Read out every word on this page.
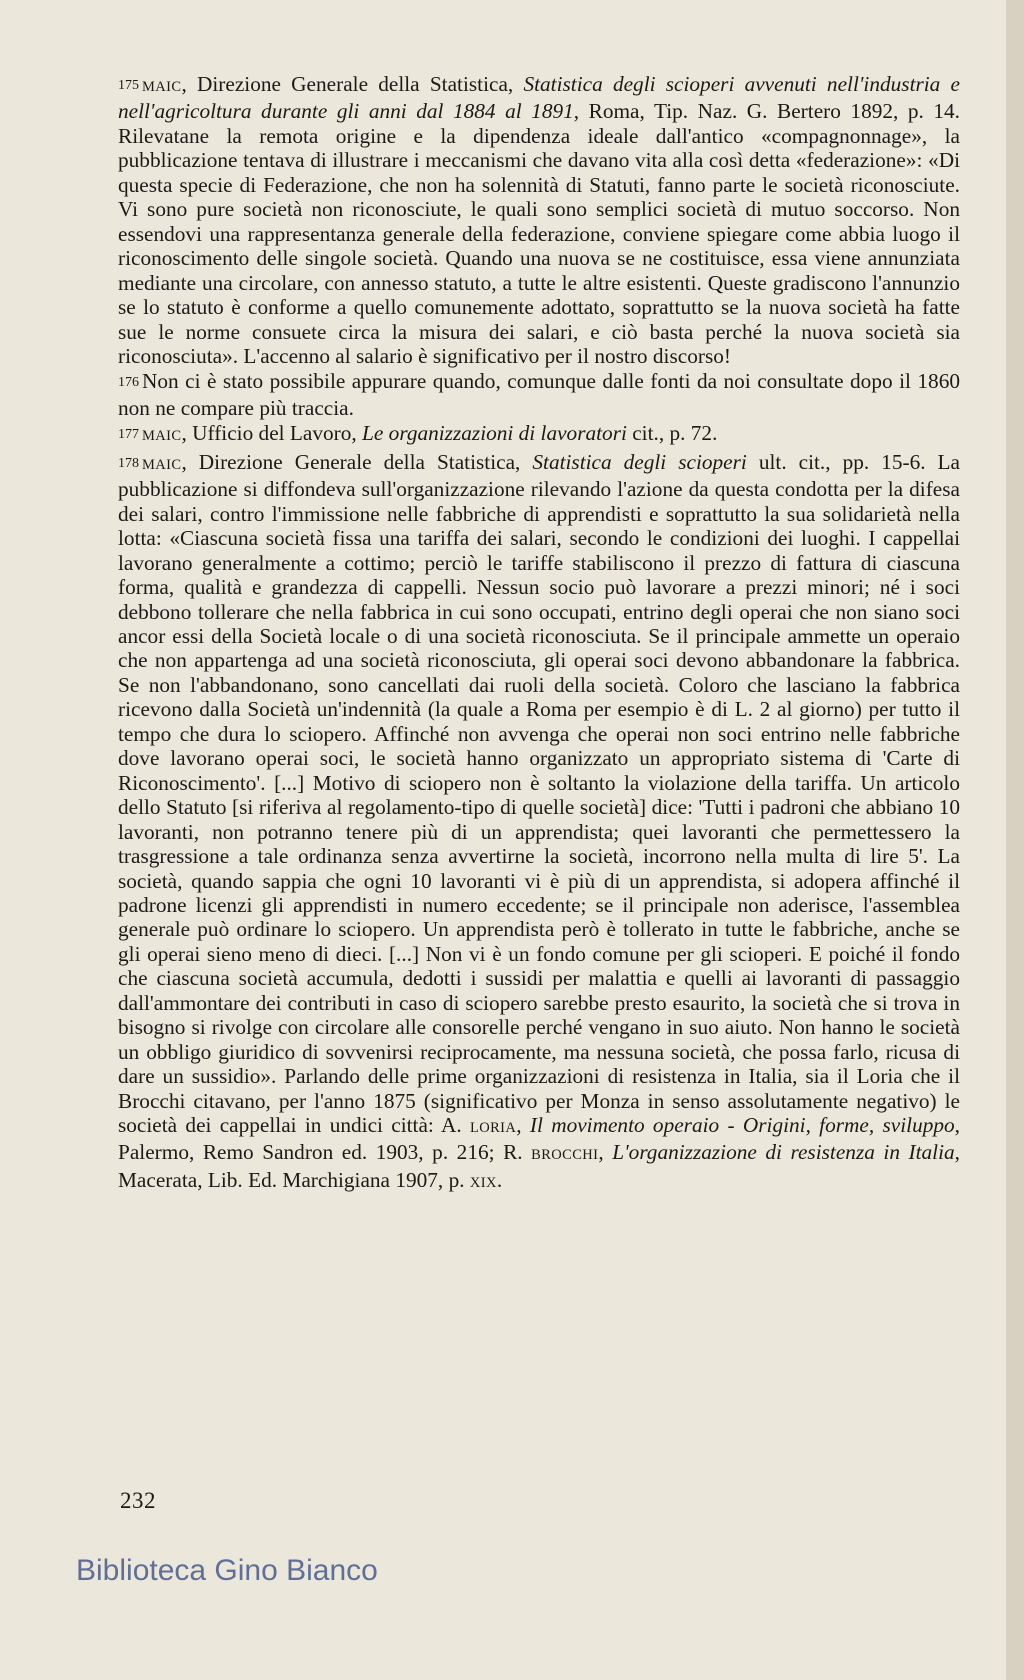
175 MAIC, Direzione Generale della Statistica, Statistica degli scioperi avvenuti nell'industria e nell'agricoltura durante gli anni dal 1884 al 1891, Roma, Tip. Naz. G. Bertero 1892, p. 14. Rilevatane la remota origine e la dipendenza ideale dall'antico «compagnonnage», la pubblicazione tentava di illustrare i meccanismi che davano vita alla così detta «federazione»: «Di questa specie di Federazione, che non ha solennità di Statuti, fanno parte le società riconosciute. Vi sono pure società non riconosciute, le quali sono semplici società di mutuo soccorso. Non essendovi una rappresentanza generale della federazione, conviene spiegare come abbia luogo il riconoscimento delle singole società. Quando una nuova se ne costituisce, essa viene annunziata mediante una circolare, con annesso statuto, a tutte le altre esistenti. Queste gradiscono l'annunzio se lo statuto è conforme a quello comunemente adottato, soprattutto se la nuova società ha fatte sue le norme consuete circa la misura dei salari, e ciò basta perché la nuova società sia riconosciuta». L'accenno al salario è significativo per il nostro discorso!

176 Non ci è stato possibile appurare quando, comunque dalle fonti da noi consultate dopo il 1860 non ne compare più traccia.

177 MAIC, Ufficio del Lavoro, Le organizzazioni di lavoratori cit., p. 72.

178 MAIC, Direzione Generale della Statistica, Statistica degli scioperi ult. cit., pp. 15-6. La pubblicazione si diffondeva sull'organizzazione rilevando l'azione da questa condotta per la difesa dei salari, contro l'immissione nelle fabbriche di apprendisti e soprattutto la sua solidarietà nella lotta: «Ciascuna società fissa una tariffa dei salari, secondo le condizioni dei luoghi. I cappellai lavorano generalmente a cottimo; perciò le tariffe stabiliscono il prezzo di fattura di ciascuna forma, qualità e grandezza di cappelli. Nessun socio può lavorare a prezzi minori; né i soci debbono tollerare che nella fabbrica in cui sono occupati, entrino degli operai che non siano soci ancor essi della Società locale o di una società riconosciuta. Se il principale ammette un operaio che non appartenga ad una società riconosciuta, gli operai soci devono abbandonare la fabbrica. Se non l'abbandonano, sono cancellati dai ruoli della società. Coloro che lasciano la fabbrica ricevono dalla Società un'indennità (la quale a Roma per esempio è di L. 2 al giorno) per tutto il tempo che dura lo sciopero. Affinché non avvenga che operai non soci entrino nelle fabbriche dove lavorano operai soci, le società hanno organizzato un appropriato sistema di 'Carte di Riconoscimento'. [...] Motivo di sciopero non è soltanto la violazione della tariffa. Un articolo dello Statuto [si riferiva al regolamento-tipo di quelle società] dice: 'Tutti i padroni che abbiano 10 lavoranti, non potranno tenere più di un apprendista; quei lavoranti che permettessero la trasgressione a tale ordinanza senza avvertirne la società, incorrono nella multa di lire 5'. La società, quando sappia che ogni 10 lavoranti vi è più di un apprendista, si adopera affinché il padrone licenzi gli apprendisti in numero eccedente; se il principale non aderisce, l'assemblea generale può ordinare lo sciopero. Un apprendista però è tollerato in tutte le fabbriche, anche se gli operai sieno meno di dieci. [...] Non vi è un fondo comune per gli scioperi. E poiché il fondo che ciascuna società accumula, dedotti i sussidi per malattia e quelli ai lavoranti di passaggio dall'ammontare dei contributi in caso di sciopero sarebbe presto esaurito, la società che si trova in bisogno si rivolge con circolare alle consorelle perché vengano in suo aiuto. Non hanno le società un obbligo giuridico di sovvenirsi reciprocamente, ma nessuna società, che possa farlo, ricusa di dare un sussidio». Parlando delle prime organizzazioni di resistenza in Italia, sia il Loria che il Brocchi citavano, per l'anno 1875 (significativo per Monza in senso assolutamente negativo) le società dei cappellai in undici città: A. LORIA, Il movimento operaio - Origini, forme, sviluppo, Palermo, Remo Sandron ed. 1903, p. 216; R. BROCCHI, L'organizzazione di resistenza in Italia, Macerata, Lib. Ed. Marchigiana 1907, p. XIX.

232
Biblioteca Gino Bianco
